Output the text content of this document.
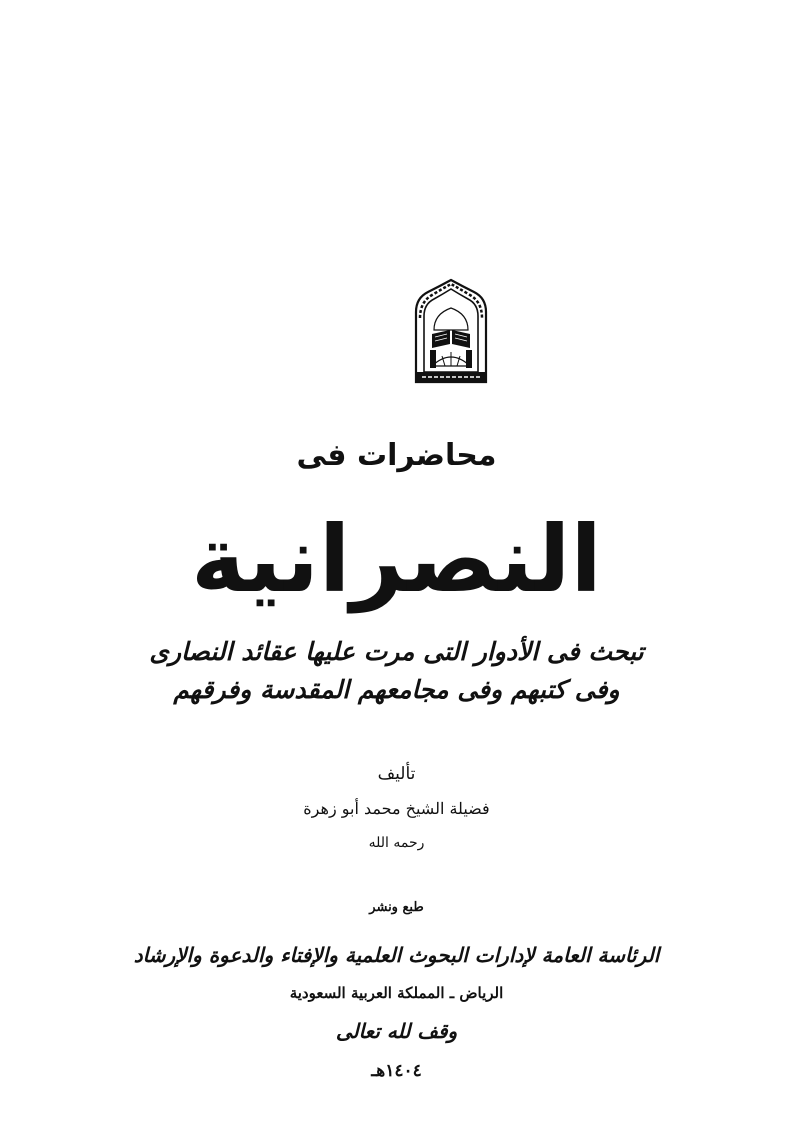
محاضرات فى
النصرانية
تبحث فى الأدوار التى مرت عليها عقائد النصارى
وفى كتبهم وفى مجامعهم المقدسة وفرقهم
تأليف
فضيلة الشيخ محمد أبو زهرة
رحمه الله
طبع ونشر
الرئاسة العامة لإدارات البحوث العلمية والإفتاء والدعوة والإرشاد
الرياض ـ المملكة العربية السعودية
وقف لله تعالى
١٤٠٤هـ
